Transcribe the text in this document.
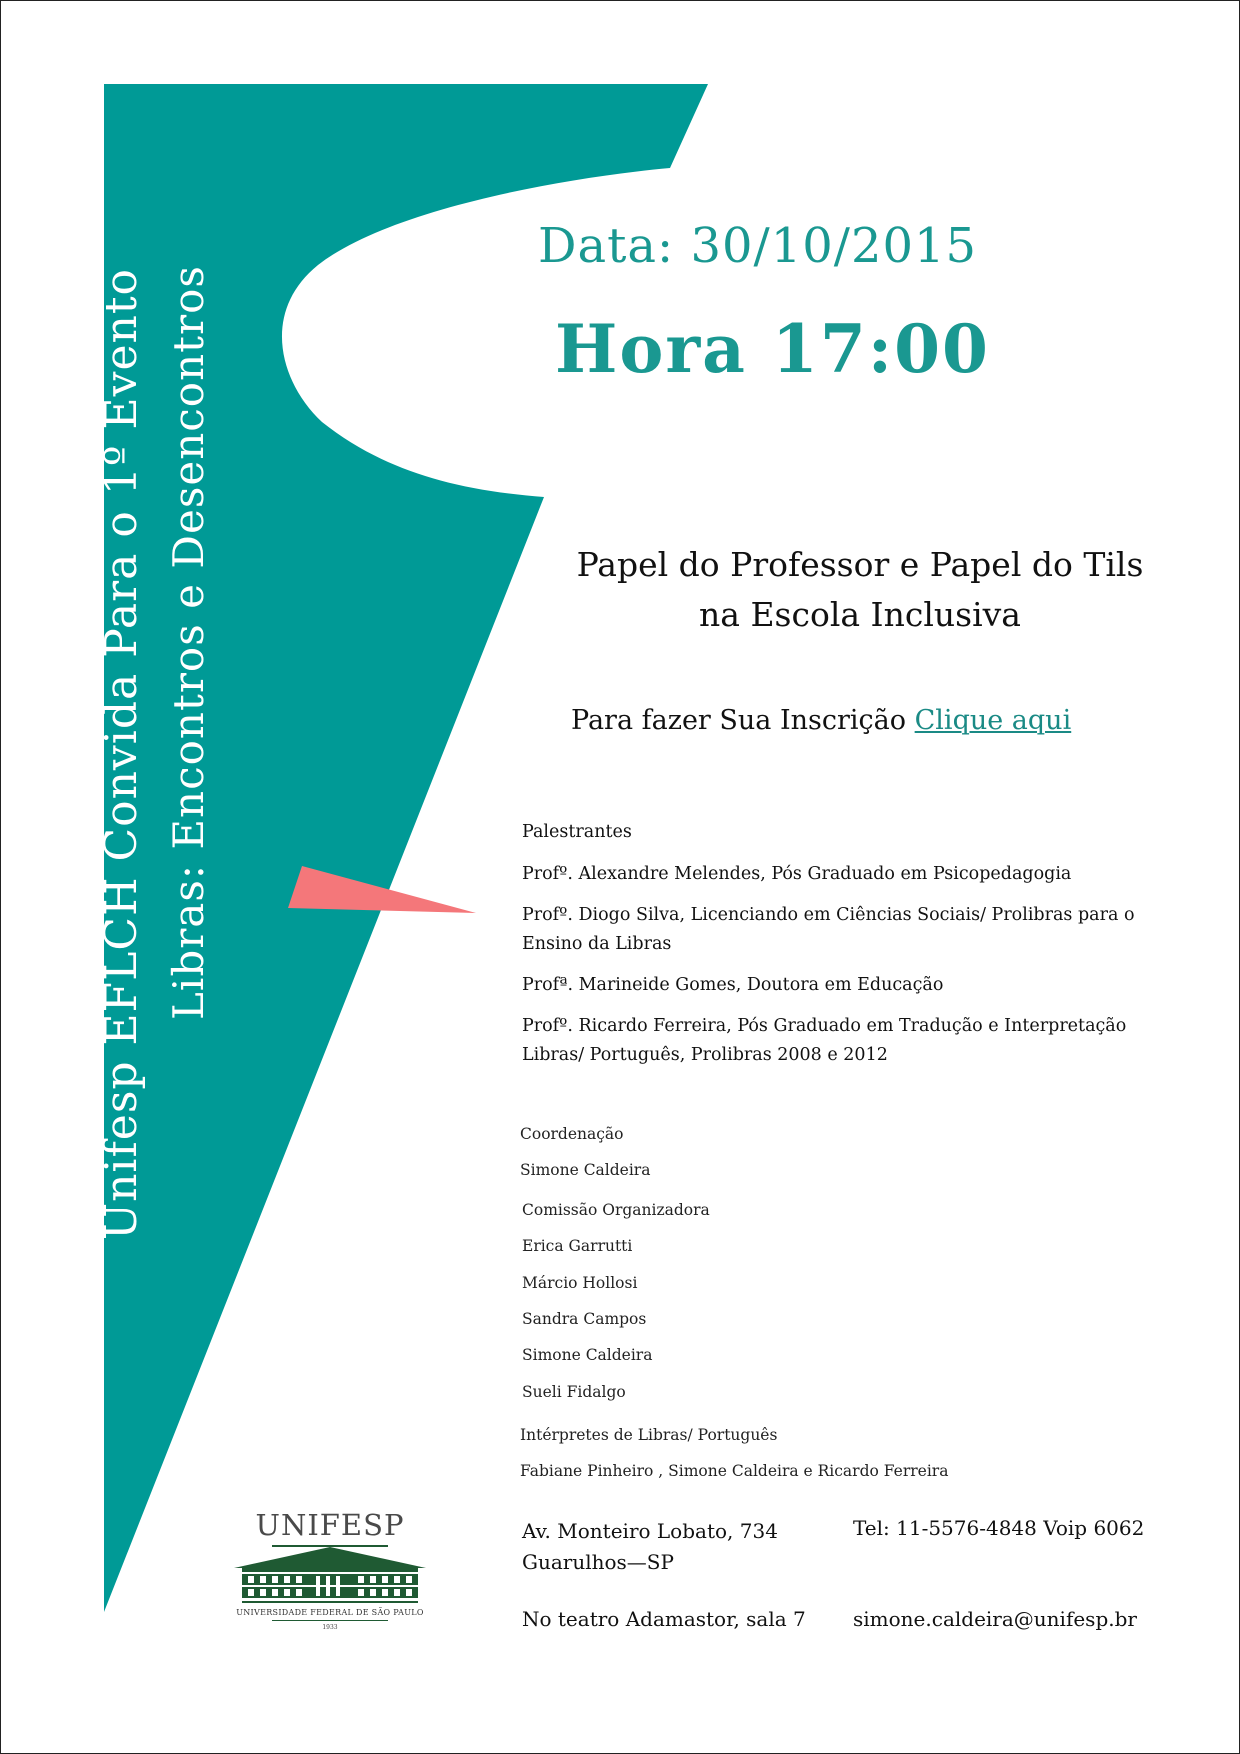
Unifesp EFLCH Convida Para o 1º Evento Libras: Encontros e Desencontros
Data: 30/10/2015
Hora 17:00
Papel do Professor e Papel do Tils
na Escola Inclusiva
Para fazer Sua Inscrição Clique aqui
Palestrantes
Profº. Alexandre Melendes, Pós Graduado em Psicopedagogia
Profº. Diogo Silva, Licenciando em Ciências Sociais/ Prolibras para o Ensino da Libras
Profª. Marineide Gomes, Doutora em Educação
Profº. Ricardo Ferreira, Pós Graduado em Tradução e Interpretação Libras/ Português, Prolibras 2008 e 2012
Coordenação
Simone Caldeira
Comissão Organizadora
Erica Garrutti
Márcio Hollosi
Sandra Campos
Simone Caldeira
Sueli Fidalgo
Intérpretes de Libras/ Português
Fabiane Pinheiro , Simone Caldeira e Ricardo Ferreira
Av. Monteiro Lobato, 734
Guarulhos—SP
Tel: 11-5576-4848 Voip 6062
No teatro Adamastor, sala 7 simone.caldeira@unifesp.br
UNIFESP
UNIVERSIDADE FEDERAL DE SÃO PAULO
1933
